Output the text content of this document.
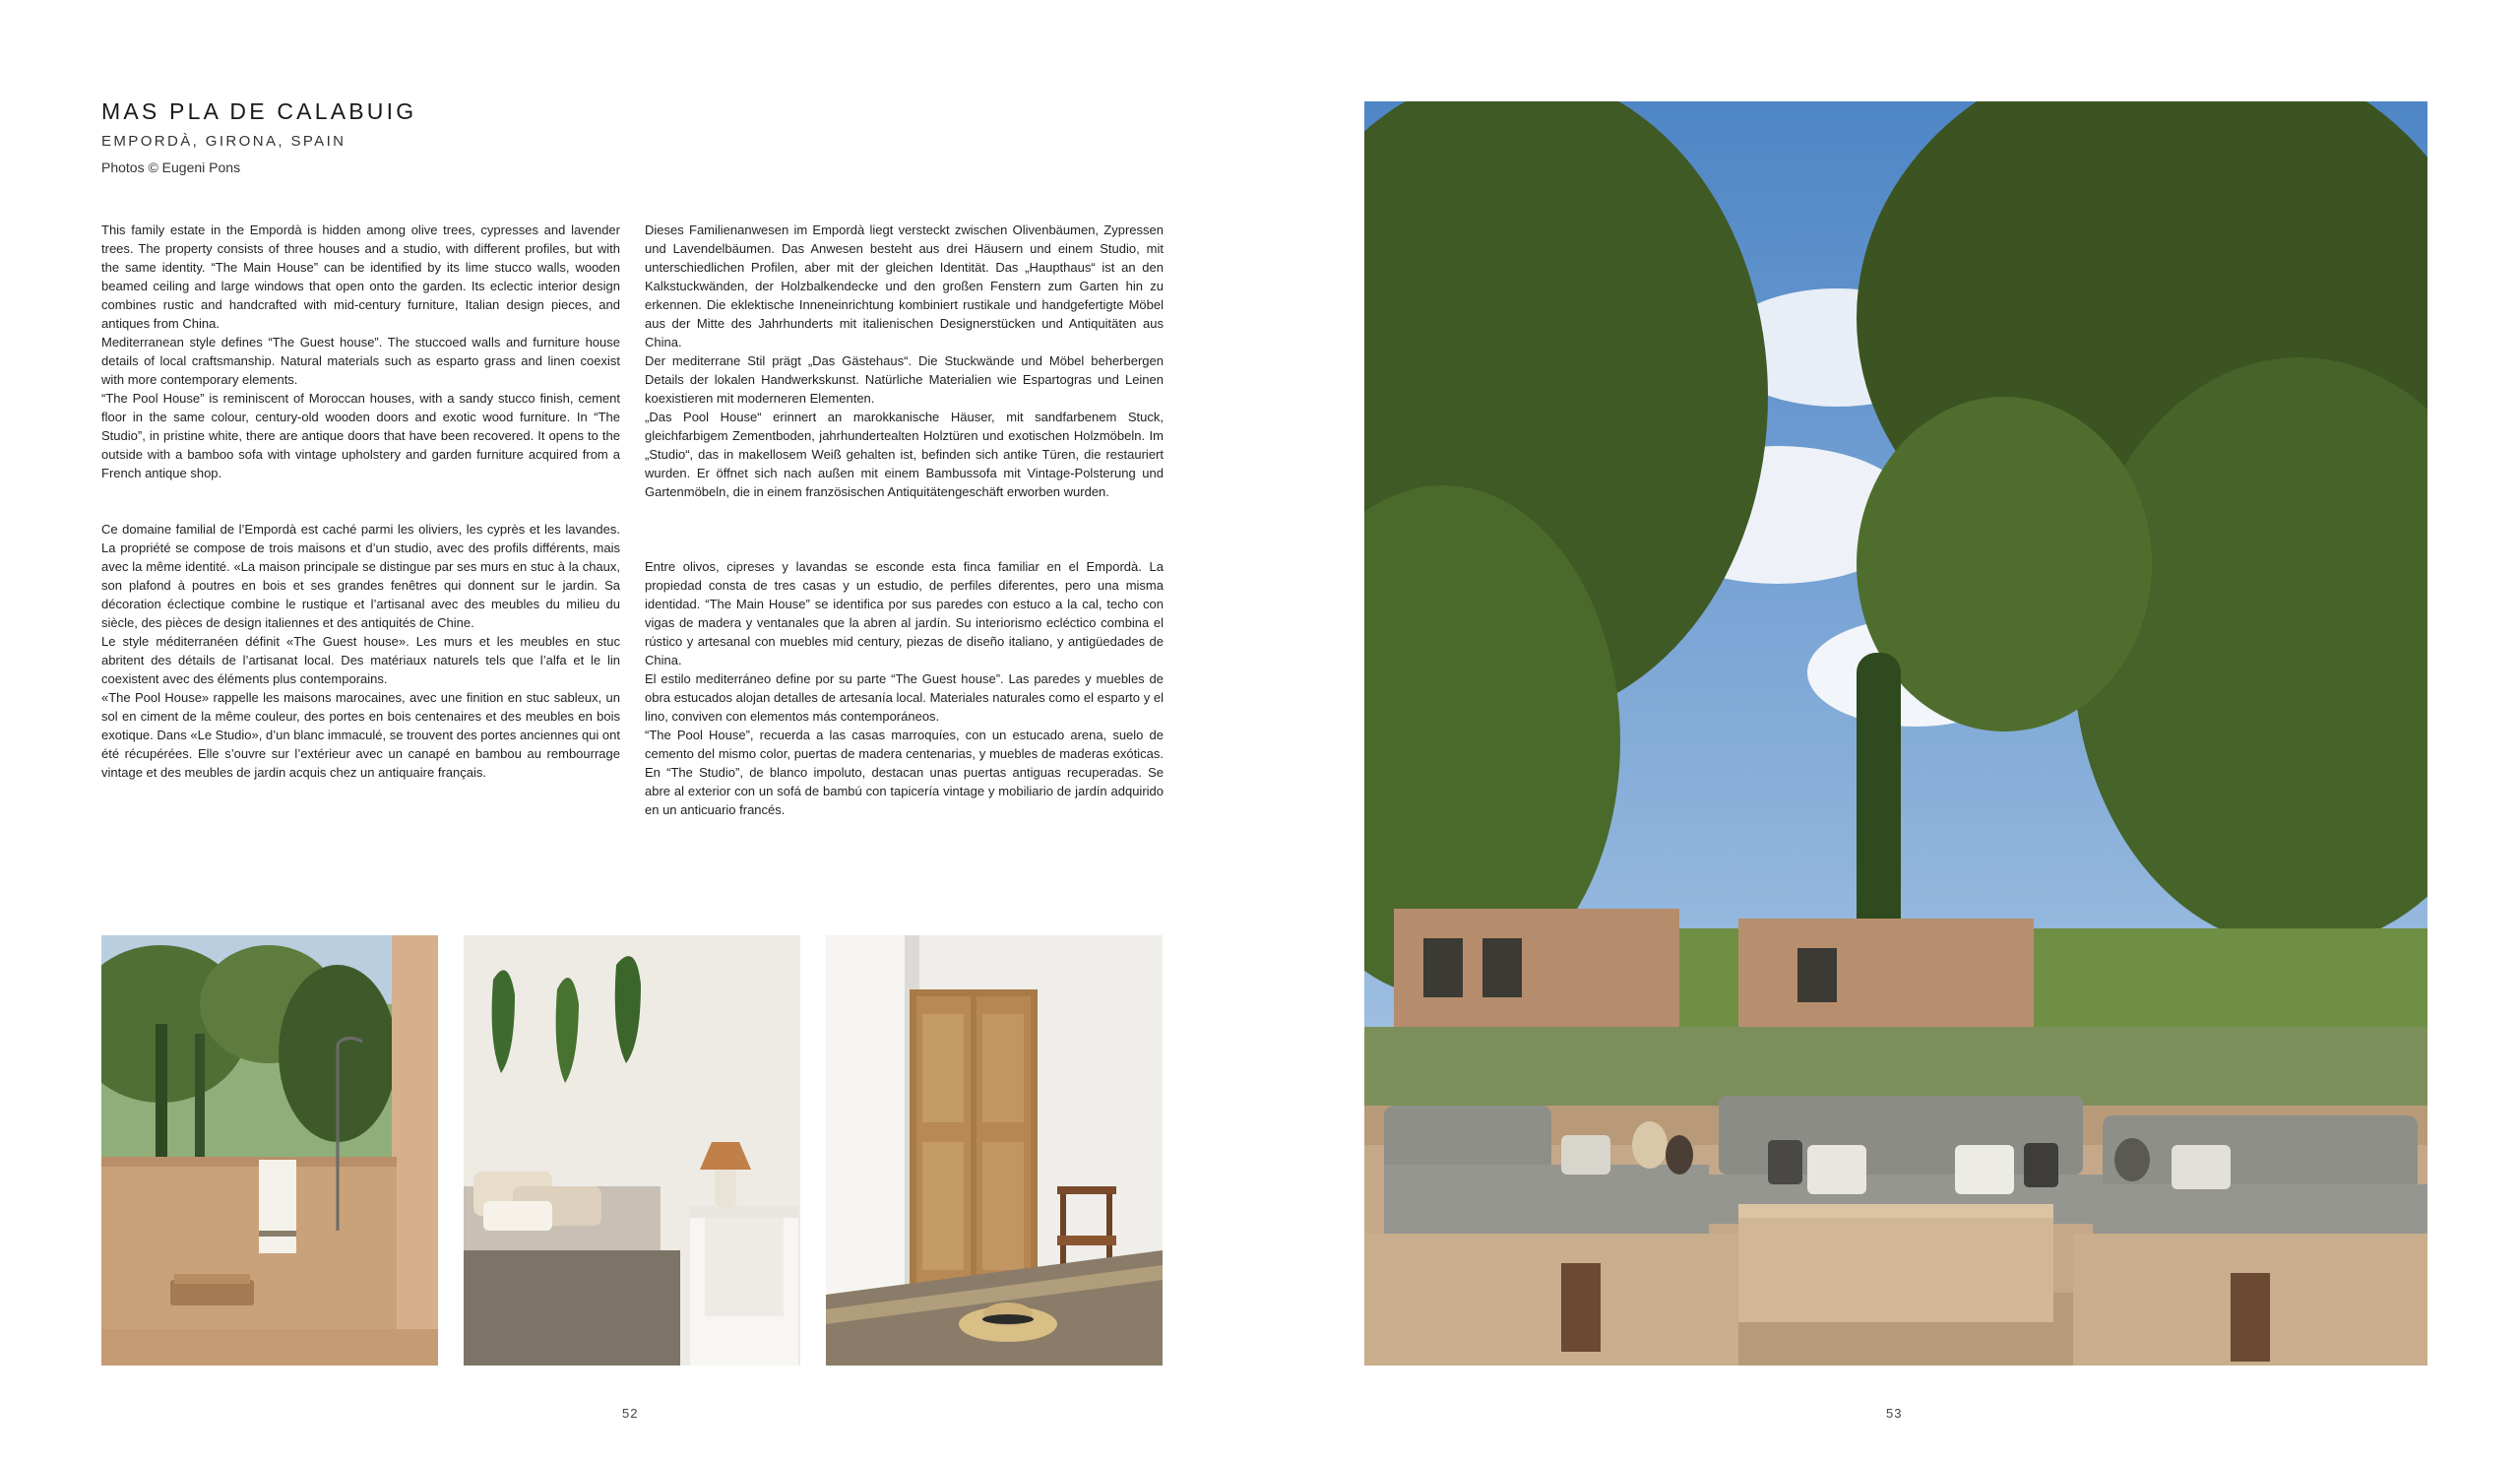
MAS PLA DE CALABUIG
EMPORDÀ, GIRONA, SPAIN
Photos © Eugeni Pons

This family estate in the Empordà is hidden among olive trees, cypresses and lavender trees. The property consists of three houses and a studio, with different profiles, but with the same identity. “The Main House” can be identified by its lime stucco walls, wooden beamed ceiling and large windows that open onto the garden. Its eclectic interior design combines rustic and handcrafted with mid-century furniture, Italian design pieces, and antiques from China.

Mediterranean style defines “The Guest house”. The stuccoed walls and furniture house details of local craftsmanship. Natural materials such as esparto grass and linen coexist with more contemporary elements.

“The Pool House” is reminiscent of Moroccan houses, with a sandy stucco finish, cement floor in the same colour, century-old wooden doors and exotic wood furniture. In “The Studio”, in pristine white, there are antique doors that have been recovered. It opens to the outside with a bamboo sofa with vintage upholstery and garden furniture acquired from a French antique shop.

Ce domaine familial de l’Empordà est caché parmi les oliviers, les cyprès et les lavandes. La propriété se compose de trois maisons et d’un studio, avec des profils différents, mais avec la même identité. «La maison principale se distingue par ses murs en stuc à la chaux, son plafond à poutres en bois et ses grandes fenêtres qui donnent sur le jardin. Sa décoration éclectique combine le rustique et l’artisanal avec des meubles du milieu du siècle, des pièces de design italiennes et des antiquités de Chine.

Le style méditerranéen définit «The Guest house». Les murs et les meubles en stuc abritent des détails de l’artisanat local. Des matériaux naturels tels que l’alfa et le lin coexistent avec des éléments plus contemporains.

«The Pool House» rappelle les maisons marocaines, avec une finition en stuc sableux, un sol en ciment de la même couleur, des portes en bois centenaires et des meubles en bois exotique. Dans «Le Studio», d’un blanc immaculé, se trouvent des portes anciennes qui ont été récupérées. Elle s’ouvre sur l’extérieur avec un canapé en bambou au rembourrage vintage et des meubles de jardin acquis chez un antiquaire français.

Dieses Familienanwesen im Empordà liegt versteckt zwischen Olivenbäumen, Zypressen und Lavendelbäumen. Das Anwesen besteht aus drei Häusern und einem Studio, mit unterschiedlichen Profilen, aber mit der gleichen Identität. Das „Haupthaus“ ist an den Kalkstuckwänden, der Holzbalkendecke und den großen Fenstern zum Garten hin zu erkennen. Die eklektische Inneneinrichtung kombiniert rustikale und handgefertigte Möbel aus der Mitte des Jahrhunderts mit italienischen Designerstücken und Antiquitäten aus China.

Der mediterrane Stil prägt „Das Gästehaus“. Die Stuckwände und Möbel beherbergen Details der lokalen Handwerkskunst. Natürliche Materialien wie Espartogras und Leinen koexistieren mit moderneren Elementen.

„Das Pool House“ erinnert an marokkanische Häuser, mit sandfarbenem Stuck, gleichfarbigem Zementboden, jahrhundertealten Holztüren und exotischen Holzmöbeln. Im „Studio“, das in makellosem Weiß gehalten ist, befinden sich antike Türen, die restauriert wurden. Er öffnet sich nach außen mit einem Bambussofa mit Vintage-Polsterung und Gartenmöbeln, die in einem französischen Antiquitätengeschäft erworben wurden.

Entre olivos, cipreses y lavandas se esconde esta finca familiar en el Empordà. La propiedad consta de tres casas y un estudio, de perfiles diferentes, pero una misma identidad. “The Main House” se identifica por sus paredes con estuco a la cal, techo con vigas de madera y ventanales que la abren al jardín. Su interiorismo ecléctico combina el rústico y artesanal con muebles mid century, piezas de diseño italiano, y antigüedades de China.

El estilo mediterráneo define por su parte “The Guest house”. Las paredes y muebles de obra estucados alojan detalles de artesanía local. Materiales naturales como el esparto y el lino, conviven con elementos más contemporáneos.

“The Pool House”, recuerda a las casas marroquíes, con un estucado arena, suelo de cemento del mismo color, puertas de madera centenarias, y muebles de maderas exóticas. En “The Studio”, de blanco impoluto, destacan unas puertas antiguas recuperadas. Se abre al exterior con un sofá de bambú con tapicería vintage y mobiliario de jardín adquirido en un anticuario francés.

52	53
